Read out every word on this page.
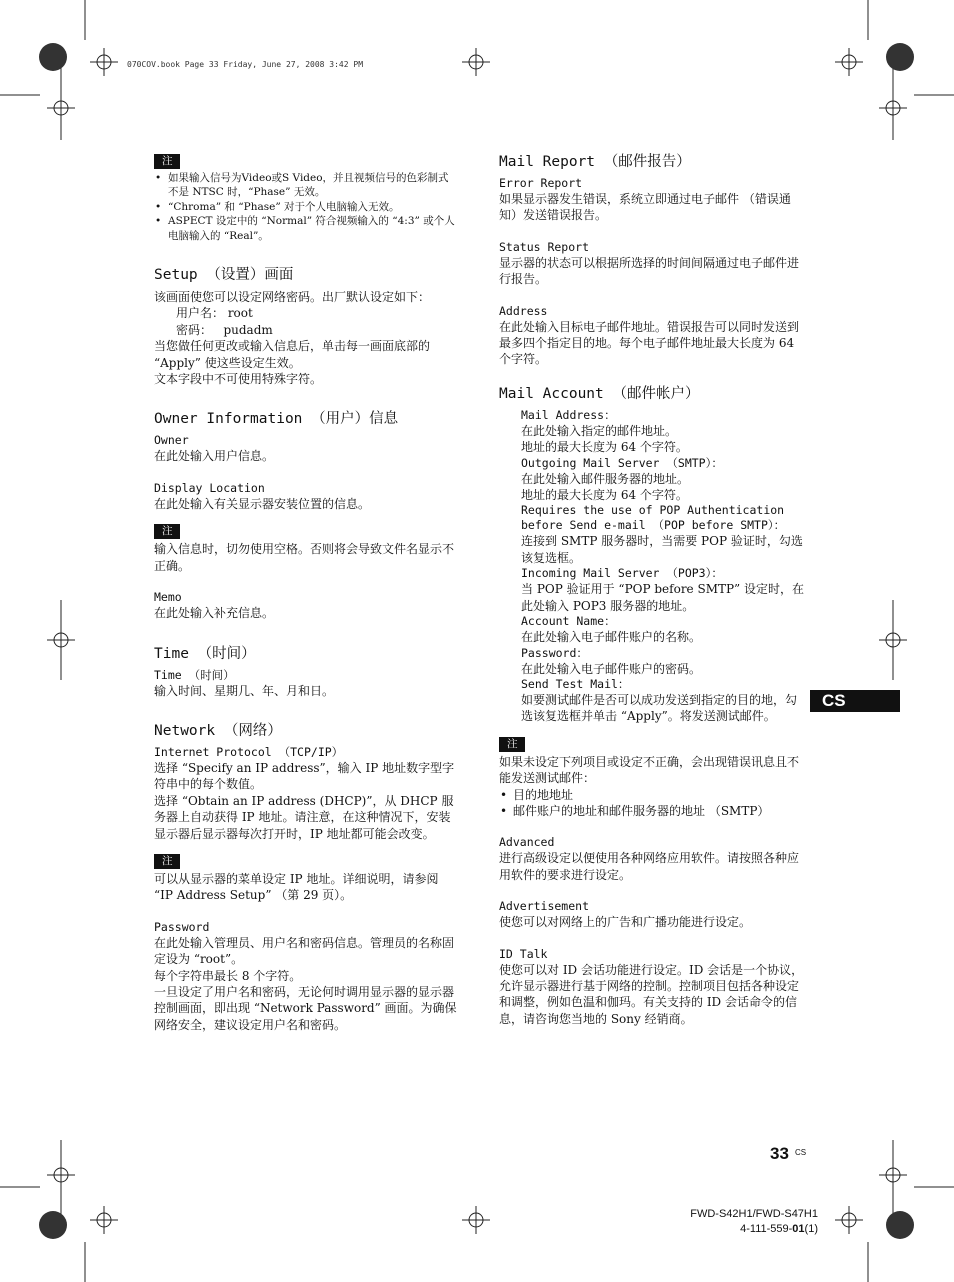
070COV.book Page 33 Friday, June 27, 2008 3:42 PM
注
• 如果输入信号为Video或S Video，并且视频信号的色彩制式不是 NTSC 时，“Phase” 无效。
• “Chroma” 和 “Phase” 对于个人电脑输入无效。
• ASPECT 设定中的 “Normal” 符合视频输入的 “4:3” 或个人电脑输入的 “Real”。
Setup （设置）画面

该画面使您可以设定网络密码。出厂默认设定如下：

用户名： root

密码：   pudadm

当您做任何更改或输入信息后，单击每一画面底部的 “Apply” 使这些设定生效。

文本字段中不可使用特殊字符。

Owner Information （用户）信息
Owner

在此处输入用户信息。

Display Location

在此处输入有关显示器安装位置的信息。

注

输入信息时，切勿使用空格。否则将会导致文件名显示不正确。

Memo

在此处输入补充信息。

Time （时间）
Time （时间）

输入时间、星期几、年、月和日。

Network （网络）
Internet Protocol （TCP/IP）

选择 “Specify an IP address”，输入 IP 地址数字型字符串中的每个数值。

选择 “Obtain an IP address (DHCP)”，从 DHCP 服务器上自动获得 IP 地址。请注意，在这种情况下，安装显示器后显示器每次打开时，IP 地址都可能会改变。

注

可以从显示器的菜单设定 IP 地址。详细说明，请参阅 “IP Address Setup” （第 29 页）。

Password

在此处输入管理员、用户名和密码信息。管理员的名称固定设为 “root”。

每个字符串最长 8 个字符。

一旦设定了用户名和密码，无论何时调用显示器的显示器控制画面，即出现 “Network Password” 画面。为确保网络安全，建议设定用户名和密码。

Mail Report （邮件报告）
Error Report

如果显示器发生错误，系统立即通过电子邮件 （错误通知）发送错误报告。

Status Report

显示器的状态可以根据所选择的时间间隔通过电子邮件进行报告。

Address

在此处输入目标电子邮件地址。错误报告可以同时发送到最多四个指定目的地。每个电子邮件地址最大长度为 64 个字符。

Mail Account （邮件帐户）
Mail Address：

在此处输入指定的邮件地址。

地址的最大长度为 64 个字符。

Outgoing Mail Server （SMTP）：

在此处输入邮件服务器的地址。

地址的最大长度为 64 个字符。

Requires the use of POP Authentication
before Send e-mail （POP before SMTP）：

连接到 SMTP 服务器时，当需要 POP 验证时，勾选该复选框。

Incoming Mail Server （POP3）：

当 POP 验证用于 “POP before SMTP” 设定时，在此处输入 POP3 服务器的地址。

Account Name：

在此处输入电子邮件账户的名称。

Password：

在此处输入电子邮件账户的密码。

Send Test Mail：

如要测试邮件是否可以成功发送到指定的目的地，勾选该复选框并单击 “Apply”。将发送测试邮件。

注

如果未设定下列项目或设定不正确，会出现错误讯息且不能发送测试邮件：

• 目的地地址
• 邮件账户的地址和邮件服务器的地址 （SMTP）
Advanced

进行高级设定以便使用各种网络应用软件。请按照各种应用软件的要求进行设定。

Advertisement

使您可以对网络上的广告和广播功能进行设定。

ID Talk

使您可以对 ID 会话功能进行设定。ID 会话是一个协议，允许显示器进行基于网络的控制。控制项目包括各种设定和调整，例如色温和伽玛。有关支持的 ID 会话命令的信息，请咨询您当地的 Sony 经销商。

CS
33 CS
FWD-S42H1/FWD-S47H1
4-111-559-01(1)
